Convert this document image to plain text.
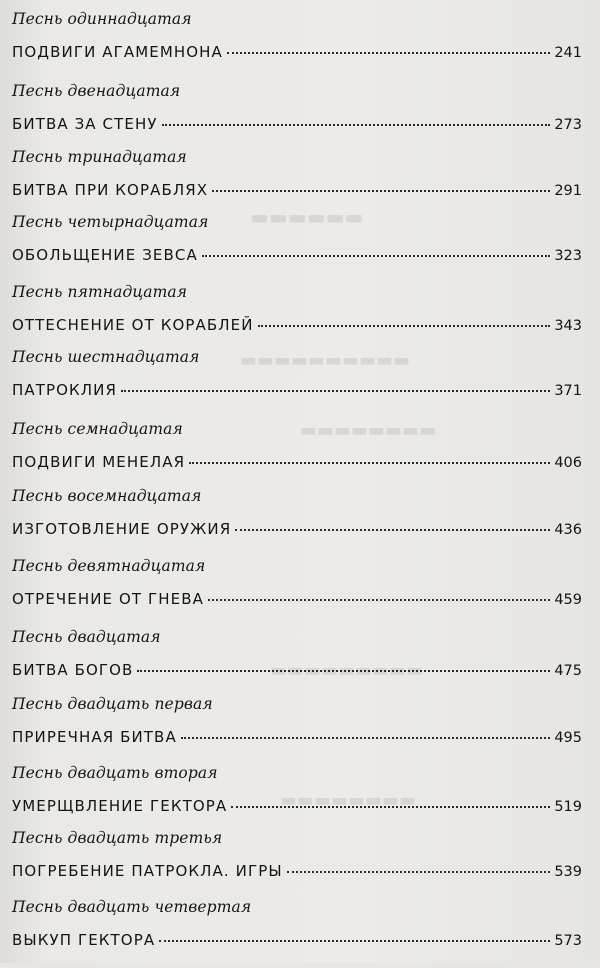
▬▬▬▬▬▬
▬▬▬▬▬▬▬▬▬▬
▬▬▬▬▬▬▬▬
▬▬▬▬▬▬▬▬▬
▬▬▬▬▬▬▬▬
Песнь одиннадцатая
ПОДВИГИ АГАМЕМНОНА	241
Песнь двенадцатая
БИТВА ЗА СТЕНУ	273
Песнь тринадцатая
БИТВА ПРИ КОРАБЛЯХ	291
Песнь четырнадцатая
ОБОЛЬЩЕНИЕ ЗЕВСА	323
Песнь пятнадцатая
ОТТЕСНЕНИЕ ОТ КОРАБЛЕЙ	343
Песнь шестнадцатая
ПАТРОКЛИЯ	371
Песнь семнадцатая
ПОДВИГИ МЕНЕЛАЯ	406
Песнь восемнадцатая
ИЗГОТОВЛЕНИЕ ОРУЖИЯ	436
Песнь девятнадцатая
ОТРЕЧЕНИЕ ОТ ГНЕВА	459
Песнь двадцатая
БИТВА БОГОВ	475
Песнь двадцать первая
ПРИРЕЧНАЯ БИТВА	495
Песнь двадцать вторая
УМЕРЩВЛЕНИЕ ГЕКТОРА	519
Песнь двадцать третья
ПОГРЕБЕНИЕ ПАТРОКЛА. ИГРЫ	539
Песнь двадцать четвертая
ВЫКУП ГЕКТОРА	573
